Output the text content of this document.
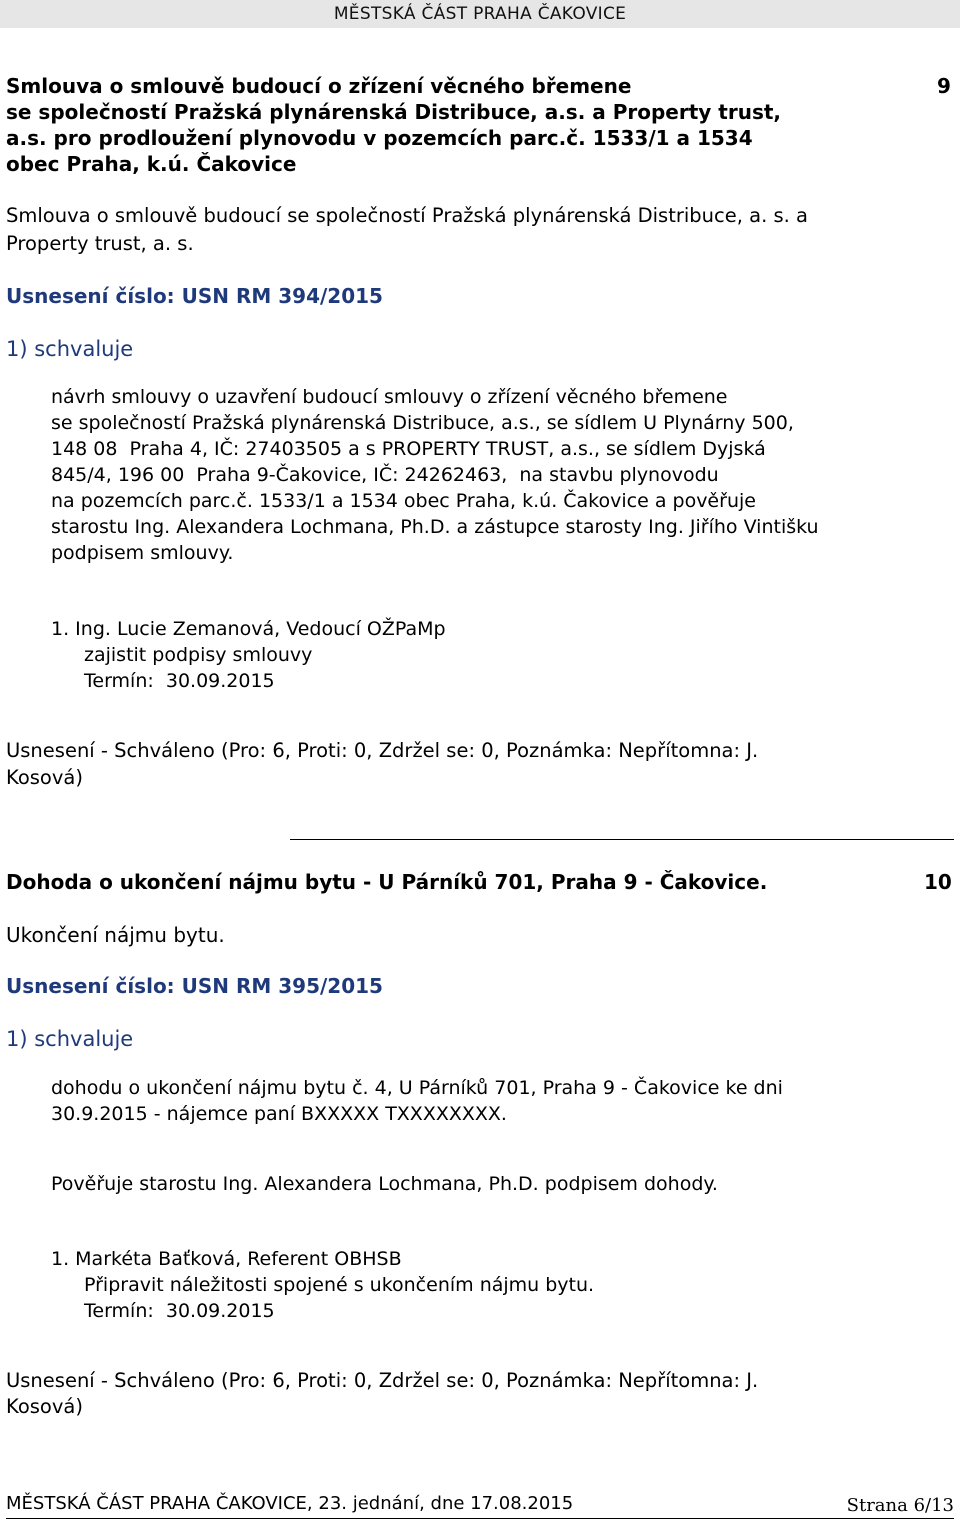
MĚSTSKÁ ČÁST PRAHA ČAKOVICE
Smlouva o smlouvě budoucí o zřízení věcného břemene
se společností Pražská plynárenská Distribuce, a.s. a Property trust,
a.s. pro prodloužení plynovodu v pozemcích parc.č. 1533/1 a 1534
obec Praha, k.ú. Čakovice
9
Smlouva o smlouvě budoucí se společností Pražská plynárenská Distribuce, a. s. a
Property trust, a. s.
Usnesení číslo: USN RM 394/2015
1) schvaluje
návrh smlouvy o uzavření budoucí smlouvy o zřízení věcného břemene
se společností Pražská plynárenská Distribuce, a.s., se sídlem U Plynárny 500,
148 08  Praha 4, IČ: 27403505 a s PROPERTY TRUST, a.s., se sídlem Dyjská
845/4, 196 00  Praha 9-Čakovice, IČ: 24262463,  na stavbu plynovodu
na pozemcích parc.č. 1533/1 a 1534 obec Praha, k.ú. Čakovice a pověřuje
starostu Ing. Alexandera Lochmana, Ph.D. a zástupce starosty Ing. Jiřího Vintišku
podpisem smlouvy.
1. Ing. Lucie Zemanová, Vedoucí OŽPaMp
zajistit podpisy smlouvy
Termín:  30.09.2015
Usnesení - Schváleno (Pro: 6, Proti: 0, Zdržel se: 0, Poznámka: Nepřítomna: J.
Kosová)
Dohoda o ukončení nájmu bytu - U Párníků 701, Praha 9 - Čakovice.	10
Ukončení nájmu bytu.
Usnesení číslo: USN RM 395/2015
1) schvaluje
dohodu o ukončení nájmu bytu č. 4, U Párníků 701, Praha 9 - Čakovice ke dni
30.9.2015 - nájemce paní BXXXXX TXXXXXXXX.
Pověřuje starostu Ing. Alexandera Lochmana, Ph.D. podpisem dohody.
1. Markéta Baťková, Referent OBHSB
Připravit náležitosti spojené s ukončením nájmu bytu.
Termín:  30.09.2015
Usnesení - Schváleno (Pro: 6, Proti: 0, Zdržel se: 0, Poznámka: Nepřítomna: J.
Kosová)
MĚSTSKÁ ČÁST PRAHA ČAKOVICE, 23. jednání, dne 17.08.2015	Strana 6/13
